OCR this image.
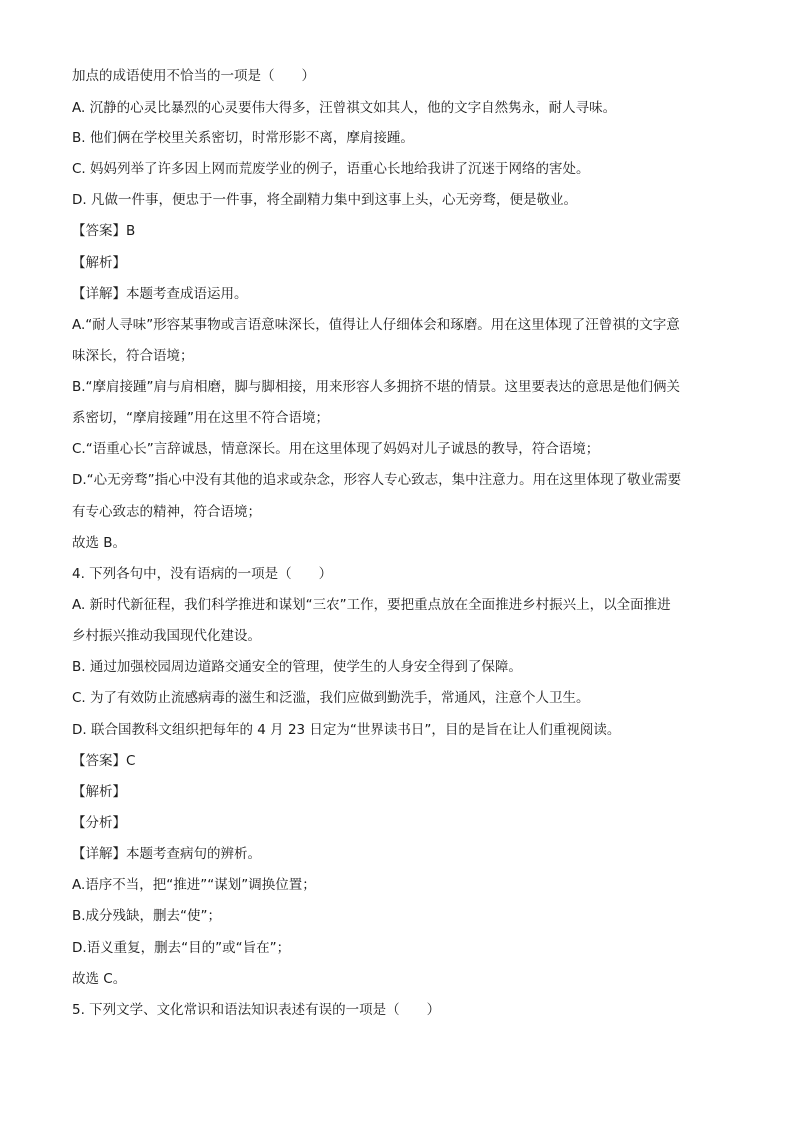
加点的成语使用不恰当的一项是（　　）
A. 沉静的心灵比暴烈的心灵要伟大得多，汪曾祺文如其人，他的文字自然隽永，耐人寻味。
B. 他们俩在学校里关系密切，时常形影不离，摩肩接踵。
C. 妈妈列举了许多因上网而荒废学业的例子，语重心长地给我讲了沉迷于网络的害处。
D. 凡做一件事，便忠于一件事，将全副精力集中到这事上头，心无旁骛，便是敬业。
【答案】B
【解析】
【详解】本题考查成语运用。
A.“耐人寻味”形容某事物或言语意味深长，值得让人仔细体会和琢磨。用在这里体现了汪曾祺的文字意
味深长，符合语境；
B.“摩肩接踵”肩与肩相磨，脚与脚相接，用来形容人多拥挤不堪的情景。这里要表达的意思是他们俩关
系密切，“摩肩接踵”用在这里不符合语境；
C.“语重心长”言辞诚恳，情意深长。用在这里体现了妈妈对儿子诚恳的教导，符合语境；
D.“心无旁骛”指心中没有其他的追求或杂念，形容人专心致志，集中注意力。用在这里体现了敬业需要
有专心致志的精神，符合语境；
故选 B。
4. 下列各句中，没有语病的一项是（　　）
A. 新时代新征程，我们科学推进和谋划“三农”工作，要把重点放在全面推进乡村振兴上，以全面推进
乡村振兴推动我国现代化建设。
B. 通过加强校园周边道路交通安全的管理，使学生的人身安全得到了保障。
C. 为了有效防止流感病毒的滋生和泛滥，我们应做到勤洗手，常通风，注意个人卫生。
D. 联合国教科文组织把每年的 4 月 23 日定为“世界读书日”，目的是旨在让人们重视阅读。
【答案】C
【解析】
【分析】
【详解】本题考查病句的辨析。
A.语序不当，把“推进”“谋划”调换位置；
B.成分残缺，删去“使”；
D.语义重复，删去“目的”或“旨在”；
故选 C。
5. 下列文学、文化常识和语法知识表述有误的一项是（　　）
